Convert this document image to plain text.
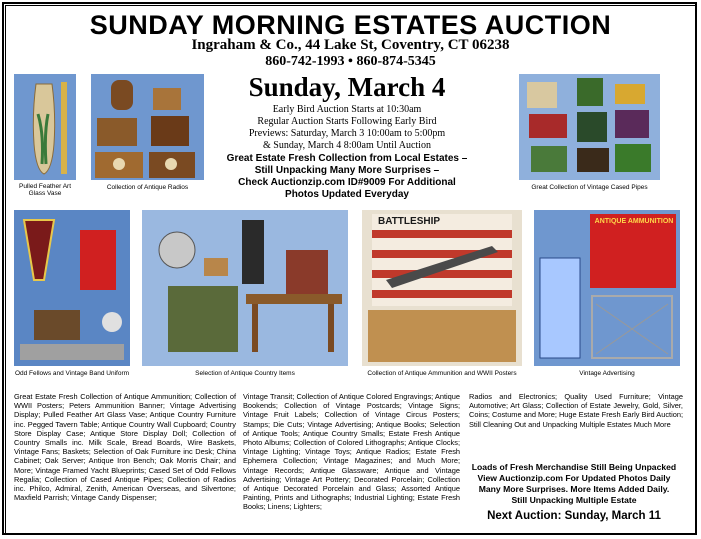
SUNDAY MORNING ESTATES AUCTION
Ingraham & Co., 44 Lake St, Coventry, CT 06238
860-742-1993 • 860-874-5345
Sunday, March 4
Early Bird Auction Starts at 10:30am
Regular Auction Starts Following Early Bird
Previews: Saturday, March 3 10:00am to 5:00pm
& Sunday, March 4 8:00am Until Auction
Great Estate Fresh Collection from Local Estates –
Still Unpacking Many More Surprises –
Check Auctionzip.com ID#9009 For Additional
Photos Updated Everyday
Pulled Feather Art Glass Vase
Collection of Antique Radios	Great Collection of Vintage Cased Pipes
Odd Fellows and Vintage Band Uniform	Selection of Antique Country Items
BATTLESHIP
Collection of Antique Ammunition and WWII Posters
ANTIQUE AMMUNITION
Vintage Advertising
Great Estate Fresh Collection of Antique Ammunition; Collection of WWII Posters; Peters Ammunition Banner; Vintage Advertising Display; Pulled Feather Art Glass Vase; Antique Country Furniture inc. Pegged Tavern Table; Antique Country Wall Cupboard; Country Store Display Case; Antique Store Display Doll; Collection of Country Smalls inc. Milk Scale, Bread Boards, Wire Baskets, Vintage Fans; Baskets; Selection of Oak Furniture inc Desk; China Cabinet; Oak Server; Antique Iron Bench; Oak Morris Chair; and More; Vintage Framed Yacht Blueprints; Cased Set of Odd Fellows Regalia; Collection of Cased Antique Pipes; Collection of Radios inc. Philco, Admiral, Zenith, American Overseas, and Silvertone; Maxfield Parrish; Vintage Candy Dispenser;
Vintage Transit; Collection of Antique Colored Engravings; Antique Bookends; Collection of Vintage Postcards; Vintage Signs; Vintage Fruit Labels; Collection of Vintage Circus Posters; Stamps; Die Cuts; Vintage Advertising; Antique Books; Selection of Antique Tools; Antique Country Smalls; Estate Fresh Antique Photo Albums; Collection of Colored Lithographs; Antique Clocks; Vintage Lighting; Vintage Toys; Antique Radios; Estate Fresh Ephemera Collection; Vintage Magazines; and Much More; Vintage Records; Antique Glassware; Antique and Vintage Advertising; Vintage Art Pottery; Decorated Porcelain; Collection of Antique Decorated Porcelain and Glass; Assorted Antique Painting, Prints and Lithographs; Industrial Lighting; Estate Fresh Books; Linens; Lighters;
Radios and Electronics; Quality Used Furniture; Vintage Automotive; Art Glass; Collection of Estate Jewelry, Gold, Silver, Coins; Costume and More; Huge Estate Fresh Early Bird Auction; Still Cleaning Out and Unpacking Multiple Estates Much More
Loads of Fresh Merchandise Still Being Unpacked
View Auctionzip.com For Updated Photos Daily
Many More Surprises. More Items Added Daily.
Still Unpacking Multiple Estate
Next Auction: Sunday, March 11
